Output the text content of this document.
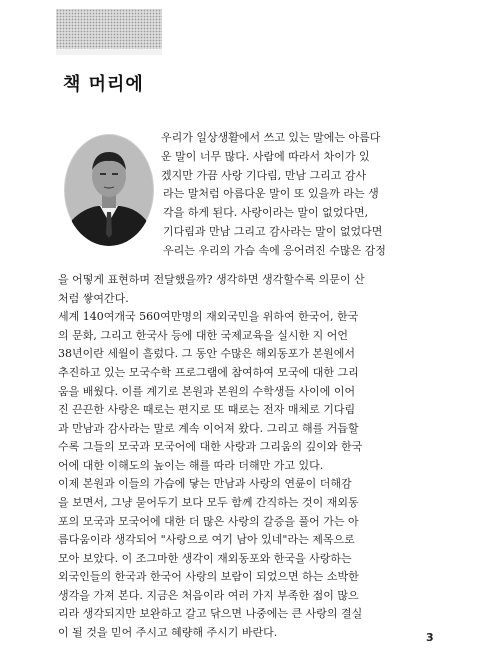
책 머리에

우리가 일상생활에서 쓰고 있는 말에는 아름다

운 말이 너무 많다. 사람에 따라서 차이가 있

겠지만 가끔 사랑 기다림, 만남 그리고 감사

라는 말처럼 아름다운 말이 또 있을까 라는 생

각을 하게 된다. 사랑이라는 말이 없었다면,

기다림과 만남 그리고 감사라는 말이 없었다면

우리는 우리의 가슴 속에 응어려진 수많은 감정

을 어떻게 표현하며 전달했을까? 생각하면 생각할수록 의문이 산

처럼 쌓여간다.

세계 140여개국 560여만명의 재외국민을 위하여 한국어, 한국

의 문화, 그리고 한국사 등에 대한 국제교육을 실시한 지 어언

38년이란 세월이 흘렀다. 그 동안 수많은 해외동포가 본원에서

추진하고 있는 모국수학 프로그램에 참여하여 모국에 대한 그리

움을 배웠다. 이를 계기로 본원과 본원의 수학생들 사이에 이어

진 끈끈한 사랑은 때로는 편지로 또 때로는 전자 매체로 기다림

과 만남과 감사라는 말로 계속 이어져 왔다. 그리고 해를 거듭할

수록 그들의 모국과 모국어에 대한 사랑과 그리움의 깊이와 한국

어에 대한 이해도의 높이는 해를 따라 더해만 가고 있다.

이제 본원과 이들의 가슴에 닿는 만남과 사랑의 연륜이 더해감

을 보면서, 그냥 묻어두기 보다 모두 함께 간직하는 것이 재외동

포의 모국과 모국어에 대한 더 많은 사랑의 갈증을 풀어 가는 아

름다움이라 생각되어 "사랑으로 여기 남아 있네"라는 제목으로

모아 보았다. 이 조그마한 생각이 재외동포와 한국을 사랑하는

외국인들의 한국과 한국어 사랑의 보람이 되었으면 하는 소박한

생각을 가져 본다. 지금은 처음이라 여러 가지 부족한 점이 많으

리라 생각되지만 보완하고 갈고 닦으면 나중에는 큰 사랑의 결실

이 될 것을 믿어 주시고 혜량해 주시기 바란다.	3
